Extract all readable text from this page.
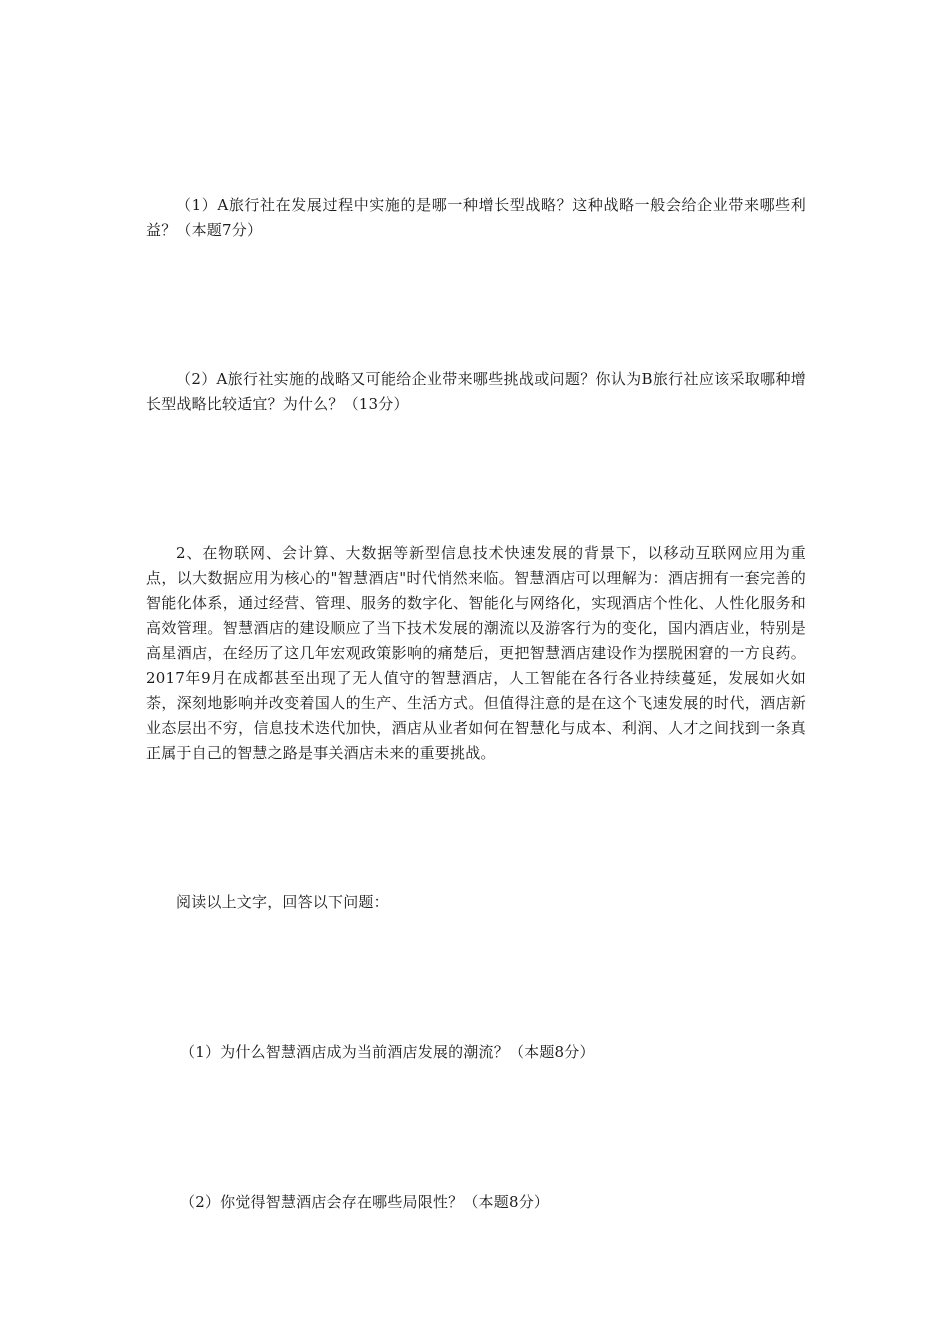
（1）A旅行社在发展过程中实施的是哪一种增长型战略？这种战略一般会给企业带来哪些利益？（本题7分）

（2）A旅行社实施的战略又可能给企业带来哪些挑战或问题？你认为B旅行社应该采取哪种增长型战略比较适宜？为什么？（13分）

2、在物联网、会计算、大数据等新型信息技术快速发展的背景下，以移动互联网应用为重点，以大数据应用为核心的"智慧酒店"时代悄然来临。智慧酒店可以理解为：酒店拥有一套完善的智能化体系，通过经营、管理、服务的数字化、智能化与网络化，实现酒店个性化、人性化服务和高效管理。智慧酒店的建设顺应了当下技术发展的潮流以及游客行为的变化，国内酒店业，特别是高星酒店，在经历了这几年宏观政策影响的痛楚后，更把智慧酒店建设作为摆脱困窘的一方良药。2017年9月在成都甚至出现了无人值守的智慧酒店，人工智能在各行各业持续蔓延，发展如火如荼，深刻地影响并改变着国人的生产、生活方式。但值得注意的是在这个飞速发展的时代，酒店新业态层出不穷，信息技术迭代加快，酒店从业者如何在智慧化与成本、利润、人才之间找到一条真正属于自己的智慧之路是事关酒店未来的重要挑战。

阅读以上文字，回答以下问题：

（1）为什么智慧酒店成为当前酒店发展的潮流？（本题8分）

（2）你觉得智慧酒店会存在哪些局限性？（本题8分）
